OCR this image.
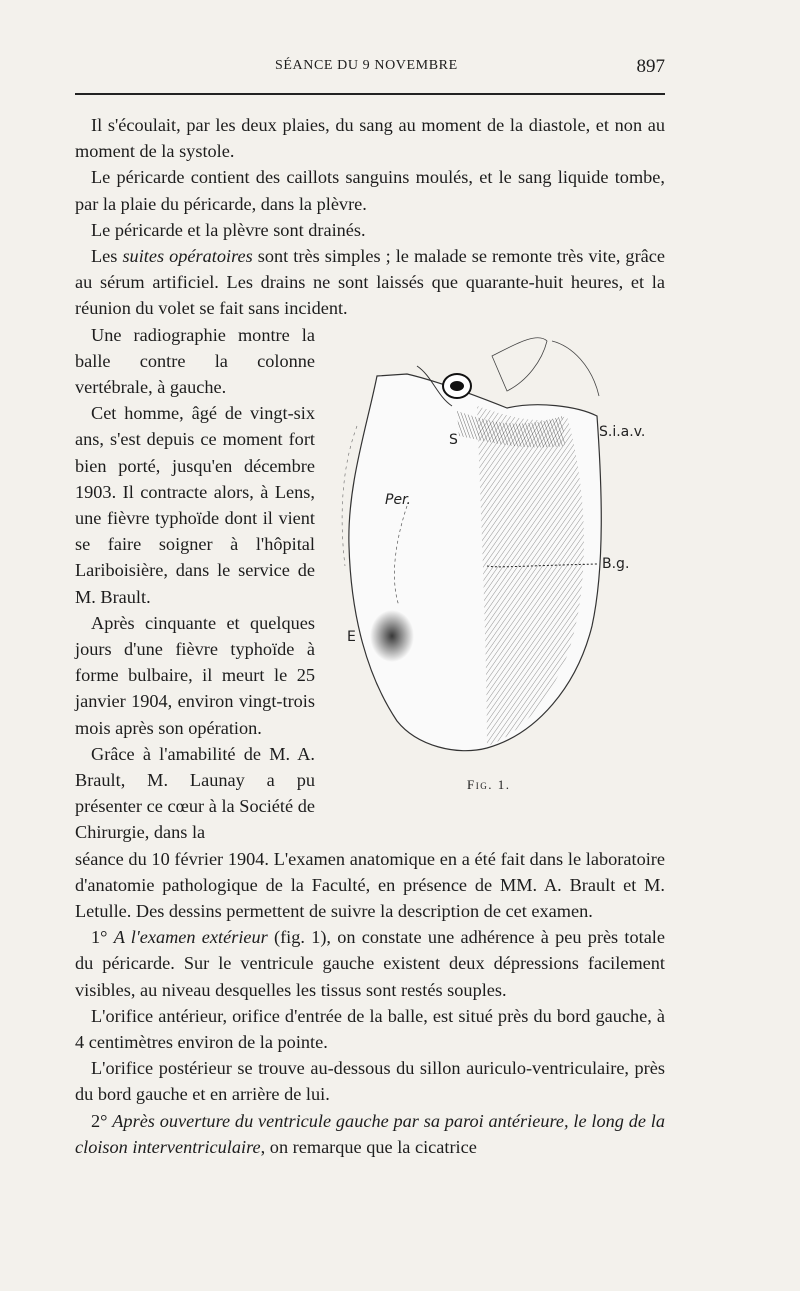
SÉANCE DU 9 NOVEMBRE	897

Il s'écoulait, par les deux plaies, du sang au moment de la diastole, et non au moment de la systole.

Le péricarde contient des caillots sanguins moulés, et le sang liquide tombe, par la plaie du péricarde, dans la plèvre.

Le péricarde et la plèvre sont drainés.

Les suites opératoires sont très simples ; le malade se remonte très vite, grâce au sérum artificiel. Les drains ne sont laissés que quarante-huit heures, et la réunion du volet se fait sans incident.

Une radiographie montre la balle contre la colonne vertébrale, à gauche.

Cet homme, âgé de vingt-six ans, s'est depuis ce moment fort bien porté, jusqu'en décembre 1903. Il contracte alors, à Lens, une fièvre typhoïde dont il vient se faire soigner à l'hôpital Lariboisière, dans le service de M. Brault.

Après cinquante et quelques jours d'une fièvre typhoïde à forme bulbaire, il meurt le 25 janvier 1904, environ vingt-trois mois après son opération.

Grâce à l'amabilité de M. A. Brault, M. Launay a pu présenter ce cœur à la Société de Chirurgie, dans la

S	S.i.a.v.
Per.
B.g.
E
Fig. 1.

séance du 10 février 1904. L'examen anatomique en a été fait dans le laboratoire d'anatomie pathologique de la Faculté, en présence de MM. A. Brault et M. Letulle. Des dessins permettent de suivre la description de cet examen.

1° A l'examen extérieur (fig. 1), on constate une adhérence à peu près totale du péricarde. Sur le ventricule gauche existent deux dépressions facilement visibles, au niveau desquelles les tissus sont restés souples.

L'orifice antérieur, orifice d'entrée de la balle, est situé près du bord gauche, à 4 centimètres environ de la pointe.

L'orifice postérieur se trouve au-dessous du sillon auriculo-ventriculaire, près du bord gauche et en arrière de lui.

2° Après ouverture du ventricule gauche par sa paroi antérieure, le long de la cloison interventriculaire, on remarque que la cicatrice
